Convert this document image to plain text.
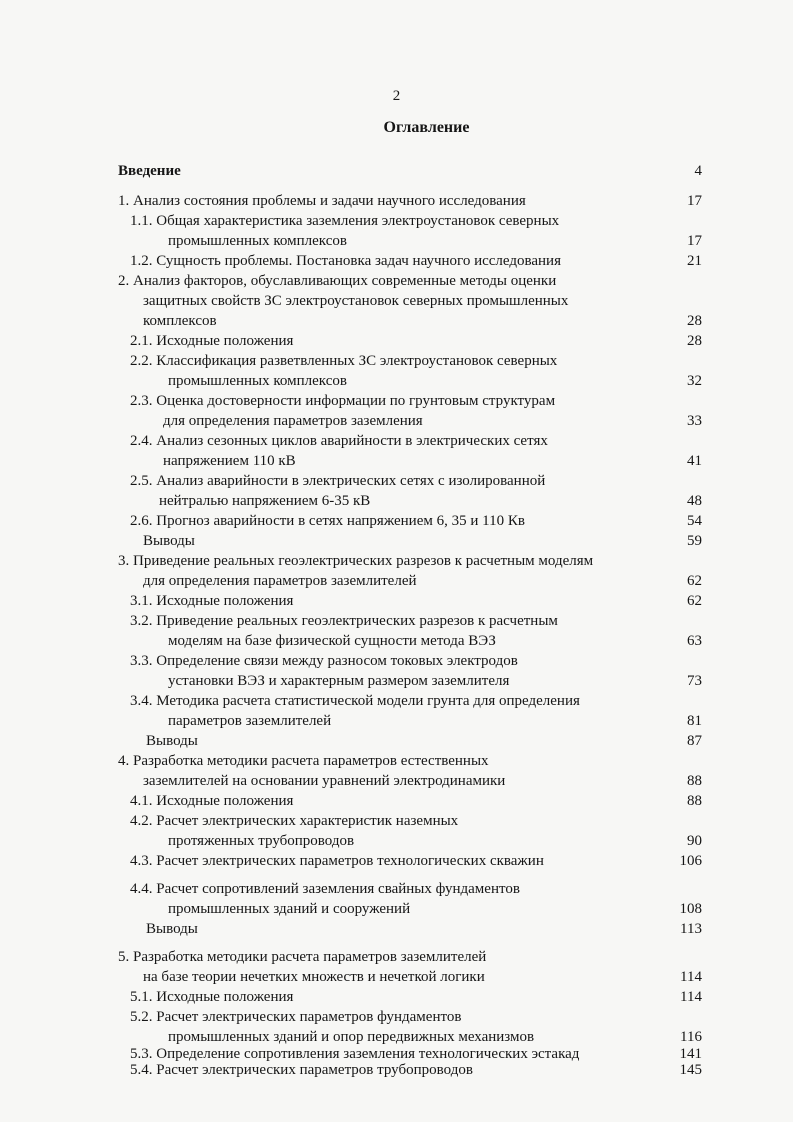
2
Оглавление
Введение	4
1. Анализ состояния проблемы и задачи научного исследования	17
1.1. Общая характеристика заземления электроустановок северных
промышленных комплексов	17
1.2. Сущность проблемы. Постановка задач научного исследования	21
2. Анализ факторов, обуславливающих современные методы оценки
защитных свойств ЗС электроустановок северных промышленных
комплексов	28
2.1. Исходные положения	28
2.2. Классификация разветвленных ЗС электроустановок северных
промышленных комплексов	32
2.3. Оценка достоверности информации по грунтовым структурам
для определения параметров заземления	33
2.4. Анализ сезонных циклов аварийности в электрических сетях
напряжением 110 кВ	41
2.5. Анализ аварийности в электрических сетях с изолированной
нейтралью напряжением 6-35 кВ	48
2.6. Прогноз аварийности в сетях напряжением 6, 35 и 110 Кв	54
Выводы	59
3. Приведение реальных геоэлектрических разрезов к расчетным моделям
для определения параметров заземлителей	62
3.1. Исходные положения	62
3.2. Приведение реальных геоэлектрических разрезов к расчетным
моделям на базе физической сущности метода ВЭЗ	63
3.3. Определение связи между разносом токовых электродов
установки ВЭЗ и характерным размером заземлителя	73
3.4. Методика расчета статистической модели грунта для определения
параметров заземлителей	81
Выводы	87
4. Разработка методики расчета параметров естественных
заземлителей на основании уравнений электродинамики	88
4.1. Исходные положения	88
4.2. Расчет электрических характеристик наземных
протяженных трубопроводов	90
4.3. Расчет электрических параметров технологических скважин	106
4.4. Расчет сопротивлений заземления свайных фундаментов
промышленных зданий и сооружений	108
Выводы	113
5. Разработка методики расчета параметров заземлителей
на базе теории нечетких множеств и нечеткой логики	114
5.1. Исходные положения	114
5.2. Расчет электрических параметров фундаментов
промышленных зданий и опор передвижных механизмов	116
5.3. Определение сопротивления заземления технологических эстакад	141
5.4. Расчет электрических параметров трубопроводов	145
